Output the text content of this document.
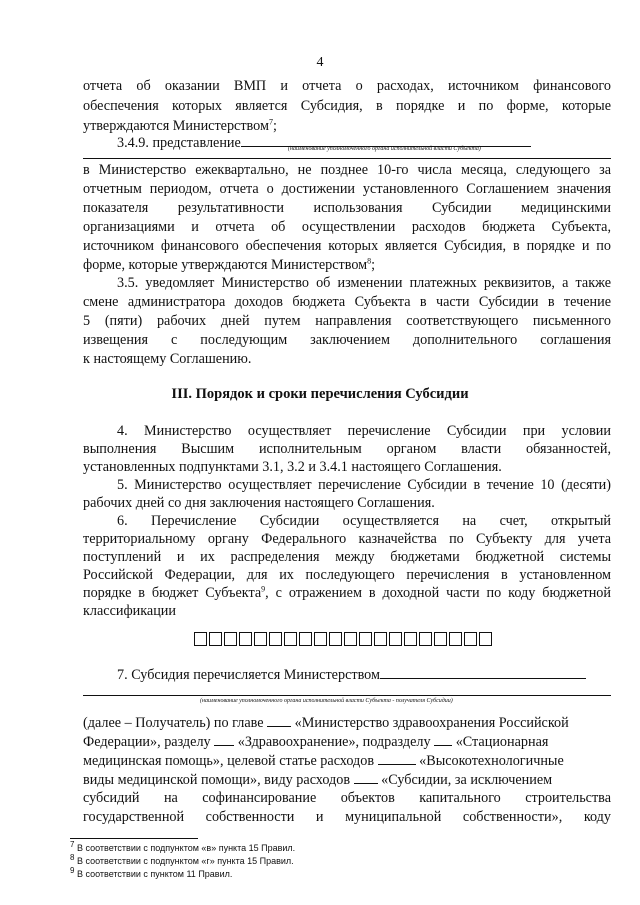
4
отчета об оказании ВМП и отчета о расходах, источником финансового
обеспечения которых является Субсидия, в порядке и по форме, которые
утверждаются Министерством$^7$;
3.4.9. представление	(наименование уполномоченного органа исполнительной власти Субъекта)
в Министерство ежеквартально, не позднее 10-го числа месяца, следующего за
отчетным периодом, отчета о достижении установленного Соглашением значения
показателя результативности использования Субсидии медицинскими
организациями и отчета об осуществлении расходов бюджета Субъекта,
источником финансового обеспечения которых является Субсидия, в порядке и по
форме, которые утверждаются Министерством$^8$;
3.5. уведомляет Министерство об изменении платежных реквизитов, а также
смене администратора доходов бюджета Субъекта в части Субсидии в течение
5 (пяти) рабочих дней путем направления соответствующего письменного
извещения с последующим заключением дополнительного соглашения
к настоящему Соглашению.
III. Порядок и сроки перечисления Субсидии
4. Министерство осуществляет перечисление Субсидии при условии
выполнения Высшим исполнительным органом власти обязанностей,
установленных подпунктами 3.1, 3.2 и 3.4.1 настоящего Соглашения.
5. Министерство осуществляет перечисление Субсидии в течение 10 (десяти)
рабочих дней со дня заключения настоящего Соглашения.
6. Перечисление Субсидии осуществляется на счет, открытый
территориальному органу Федерального казначейства по Субъекту для учета
поступлений и их распределения между бюджетами бюджетной системы
Российской Федерации, для их последующего перечисления в установленном
порядке в бюджет Субъекта$^9$, с отражением в доходной части по коду бюджетной
классификации
7. Субсидия перечисляется Министерством
(наименование уполномоченного органа исполнительной власти Субъекта - получателя Субсидии)
(далее – Получатель) по главе «Министерство здравоохранения Российской
Федерации», разделу «Здравоохранение», подразделу «Стационарная
медицинская помощь», целевой статье расходов	«Высокотехнологичные
виды медицинской помощи», виду расходов «Субсидии, за исключением
субсидий на софинансирование объектов капитального строительства
государственной собственности и муниципальной собственности», коду
$^7$ В соответствии с подпунктом «в» пункта 15 Правил.
$^8$ В соответствии с подпунктом «г» пункта 15 Правил.
$^9$ В соответствии с пунктом 11 Правил.
